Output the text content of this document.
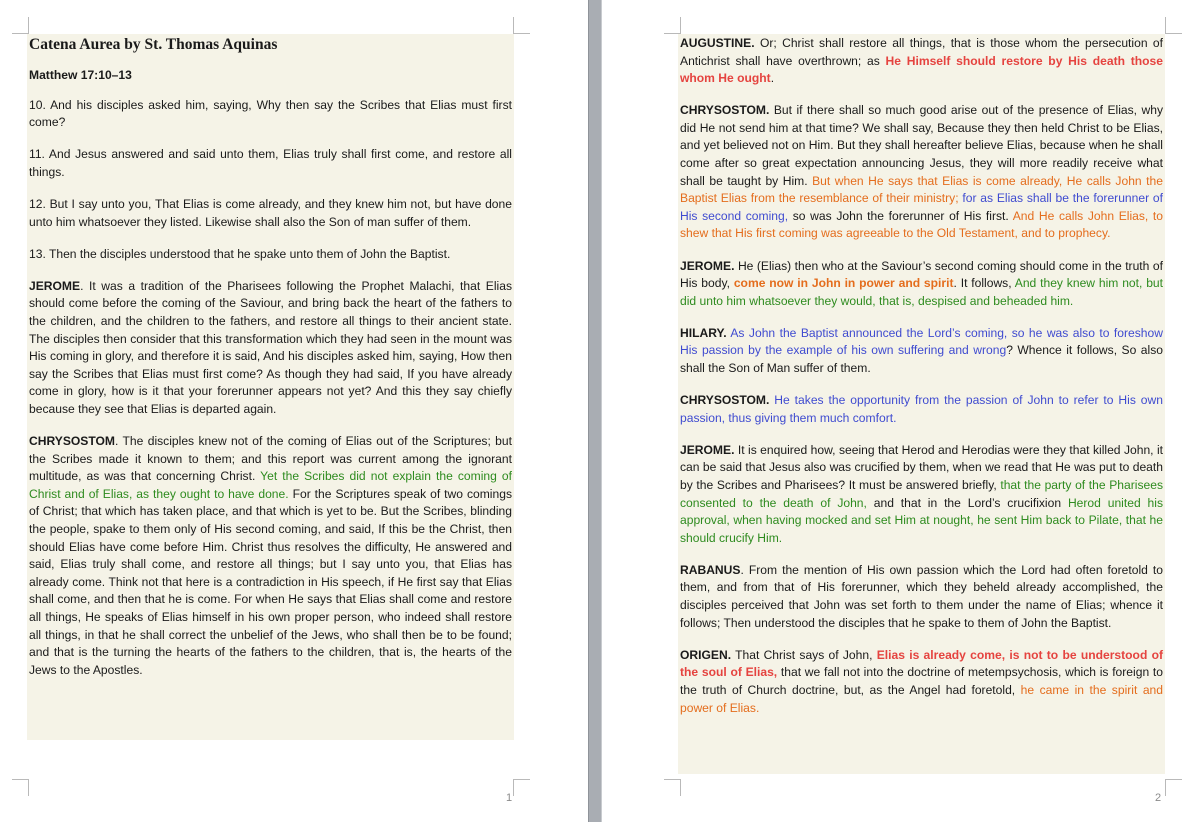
Catena Aurea by St. Thomas Aquinas

Matthew 17:10–13

10. And his disciples asked him, saying, Why then say the Scribes that Elias must first come?

11. And Jesus answered and said unto them, Elias truly shall first come, and restore all things.

12. But I say unto you, That Elias is come already, and they knew him not, but have done unto him whatsoever they listed. Likewise shall also the Son of man suffer of them.

13. Then the disciples understood that he spake unto them of John the Baptist.

JEROME. It was a tradition of the Pharisees following the Prophet Malachi, that Elias should come before the coming of the Saviour, and bring back the heart of the fathers to the children, and the children to the fathers, and restore all things to their ancient state. The disciples then consider that this transformation which they had seen in the mount was His coming in glory, and therefore it is said, And his disciples asked him, saying, How then say the Scribes that Elias must first come? As though they had said, If you have already come in glory, how is it that your forerunner appears not yet? And this they say chiefly because they see that Elias is departed again.

CHRYSOSTOM. The disciples knew not of the coming of Elias out of the Scriptures; but the Scribes made it known to them; and this report was current among the ignorant multitude, as was that concerning Christ. Yet the Scribes did not explain the coming of Christ and of Elias, as they ought to have done. For the Scriptures speak of two comings of Christ; that which has taken place, and that which is yet to be. But the Scribes, blinding the people, spake to them only of His second coming, and said, If this be the Christ, then should Elias have come before Him. Christ thus resolves the difficulty, He answered and said, Elias truly shall come, and restore all things; but I say unto you, that Elias has already come. Think not that here is a contradiction in His speech, if He first say that Elias shall come, and then that he is come. For when He says that Elias shall come and restore all things, He speaks of Elias himself in his own proper person, who indeed shall restore all things, in that he shall correct the unbelief of the Jews, who shall then be to be found; and that is the turning the hearts of the fathers to the children, that is, the hearts of the Jews to the Apostles.

1	2

AUGUSTINE. Or; Christ shall restore all things, that is those whom the persecution of Antichrist shall have overthrown; as He Himself should restore by His death those whom He ought.

CHRYSOSTOM. But if there shall so much good arise out of the presence of Elias, why did He not send him at that time? We shall say, Because they then held Christ to be Elias, and yet believed not on Him. But they shall hereafter believe Elias, because when he shall come after so great expectation announcing Jesus, they will more readily receive what shall be taught by Him. But when He says that Elias is come already, He calls John the Baptist Elias from the resemblance of their ministry; for as Elias shall be the forerunner of His second coming, so was John the forerunner of His first. And He calls John Elias, to shew that His first coming was agreeable to the Old Testament, and to prophecy.

JEROME. He (Elias) then who at the Saviour’s second coming should come in the truth of His body, come now in John in power and spirit. It follows, And they knew him not, but did unto him whatsoever they would, that is, despised and beheaded him.

HILARY. As John the Baptist announced the Lord’s coming, so he was also to foreshow His passion by the example of his own suffering and wrong? Whence it follows, So also shall the Son of Man suffer of them.

CHRYSOSTOM. He takes the opportunity from the passion of John to refer to His own passion, thus giving them much comfort.

JEROME. It is enquired how, seeing that Herod and Herodias were they that killed John, it can be said that Jesus also was crucified by them, when we read that He was put to death by the Scribes and Pharisees? It must be answered briefly, that the party of the Pharisees consented to the death of John, and that in the Lord’s crucifixion Herod united his approval, when having mocked and set Him at nought, he sent Him back to Pilate, that he should crucify Him.

RABANUS. From the mention of His own passion which the Lord had often foretold to them, and from that of His forerunner, which they beheld already accomplished, the disciples perceived that John was set forth to them under the name of Elias; whence it follows; Then understood the disciples that he spake to them of John the Baptist.

ORIGEN. That Christ says of John, Elias is already come, is not to be understood of the soul of Elias, that we fall not into the doctrine of metempsychosis, which is foreign to the truth of Church doctrine, but, as the Angel had foretold, he came in the spirit and power of Elias.
